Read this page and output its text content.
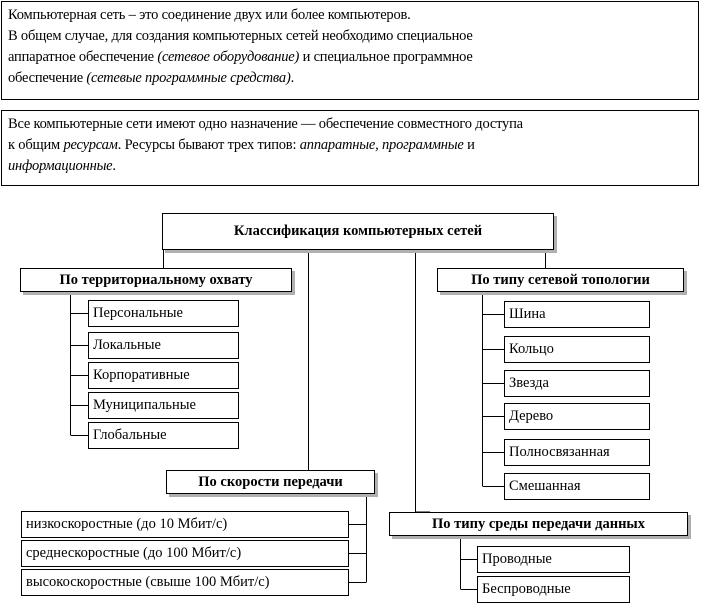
Компьютерная сеть – это соединение двух или более компьютеров.

В общем случае, для создания компьютерных сетей необходимо специальное

аппаратное обеспечение (сетевое оборудование) и специальное программное

обеспечение (сетевые программные средства).

Все компьютерные сети имеют одно назначение — обеспечение совместного доступа

к общим ресурсам. Ресурсы бывают трех типов: аппаратные, программные и

информационные.

Классификация компьютерных сетей
По территориальному охвату
Персональные
Локальные
Корпоративные
Муниципальные
Глобальные
По типу сетевой топологии
Шина
Кольцо
Звезда
Дерево
Полносвязанная
Смешанная
По скорости передачи
низкоскоростные (до 10 Мбит/с)
среднескоростные (до 100 Мбит/с)
высокоскоростные (свыше 100 Мбит/с)
По типу среды передачи данных
Проводные
Беспроводные
